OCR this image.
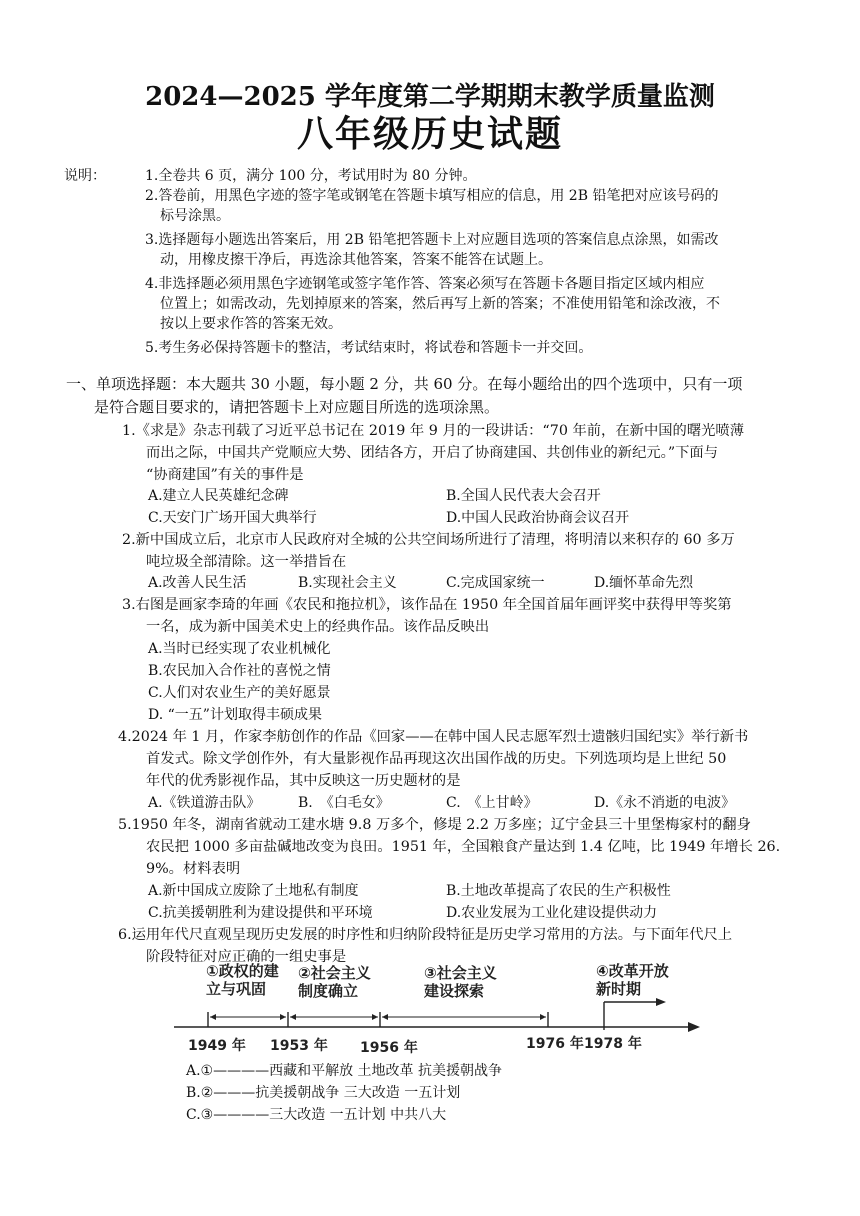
2024—2025 学年度第二学期期末教学质量监测
八年级历史试题
说明：	1.全卷共 6 页，满分 100 分，考试用时为 80 分钟。
2.答卷前，用黑色字迹的签字笔或钢笔在答题卡填写相应的信息，用 2B 铅笔把对应该号码的
标号涂黑。
3.选择题每小题选出答案后，用 2B 铅笔把答题卡上对应题目选项的答案信息点涂黑，如需改
动，用橡皮擦干净后，再选涂其他答案，答案不能答在试题上。
4.非选择题必须用黑色字迹钢笔或签字笔作答、答案必须写在答题卡各题目指定区域内相应
位置上；如需改动，先划掉原来的答案，然后再写上新的答案；不准使用铅笔和涂改液，不
按以上要求作答的答案无效。
5.考生务必保持答题卡的整洁，考试结束时，将试卷和答题卡一并交回。
一、单项选择题：本大题共 30 小题，每小题 2 分，共 60 分。在每小题给出的四个选项中，只有一项
是符合题目要求的，请把答题卡上对应题目所选的选项涂黑。
1.《求是》杂志刊载了习近平总书记在 2019 年 9 月的一段讲话：“70 年前，在新中国的曙光喷薄
而出之际，中国共产党顺应大势、团结各方，开启了协商建国、共创伟业的新纪元。”下面与
“协商建国”有关的事件是
A.建立人民英雄纪念碑	B.全国人民代表大会召开
C.天安门广场开国大典举行	D.中国人民政治协商会议召开
2.新中国成立后，北京市人民政府对全城的公共空间场所进行了清理，将明清以来积存的 60 多万
吨垃圾全部清除。这一举措旨在
A.改善人民生活	B.实现社会主义	C.完成国家统一	D.缅怀革命先烈
3.右图是画家李琦的年画《农民和拖拉机》，该作品在 1950 年全国首届年画评奖中获得甲等奖第
一名，成为新中国美术史上的经典作品。该作品反映出
A.当时已经实现了农业机械化
B.农民加入合作社的喜悦之情
C.人们对农业生产的美好愿景
D. “一五”计划取得丰硕成果
4.2024 年 1 月，作家李舫创作的作品《回家——在韩中国人民志愿军烈士遗骸归国纪实》举行新书
首发式。除文学创作外，有大量影视作品再现这次出国作战的历史。下列选项均是上世纪 50
年代的优秀影视作品，其中反映这一历史题材的是
A.《铁道游击队》	B.　《白毛女》	C.　《上甘岭》	D.《永不消逝的电波》
5.1950 年冬，湖南省就动工建水塘 9.8 万多个，修堤 2.2 万多座；辽宁金县三十里堡梅家村的翻身
农民把 1000 多亩盐碱地改变为良田。1951 年，全国粮食产量达到 1.4 亿吨，比 1949 年增长 26.
9%。材料表明
A.新中国成立废除了土地私有制度	B.土地改革提高了农民的生产积极性
C.抗美援朝胜利为建设提供和平环境	D.农业发展为工业化建设提供动力
6.运用年代尺直观呈现历史发展的时序性和归纳阶段特征是历史学习常用的方法。与下面年代尺上
阶段特征对应正确的一组史事是
①政权的建
立与巩固
②社会主义
制度确立
③社会主义
建设探索
④改革开放
新时期
1949 年 1953 年 1956 年	1976 年 1978 年
A.①————西藏和平解放 土地改革 抗美援朝战争
B.②———抗美援朝战争 三大改造 一五计划
C.③————三大改造 一五计划 中共八大
